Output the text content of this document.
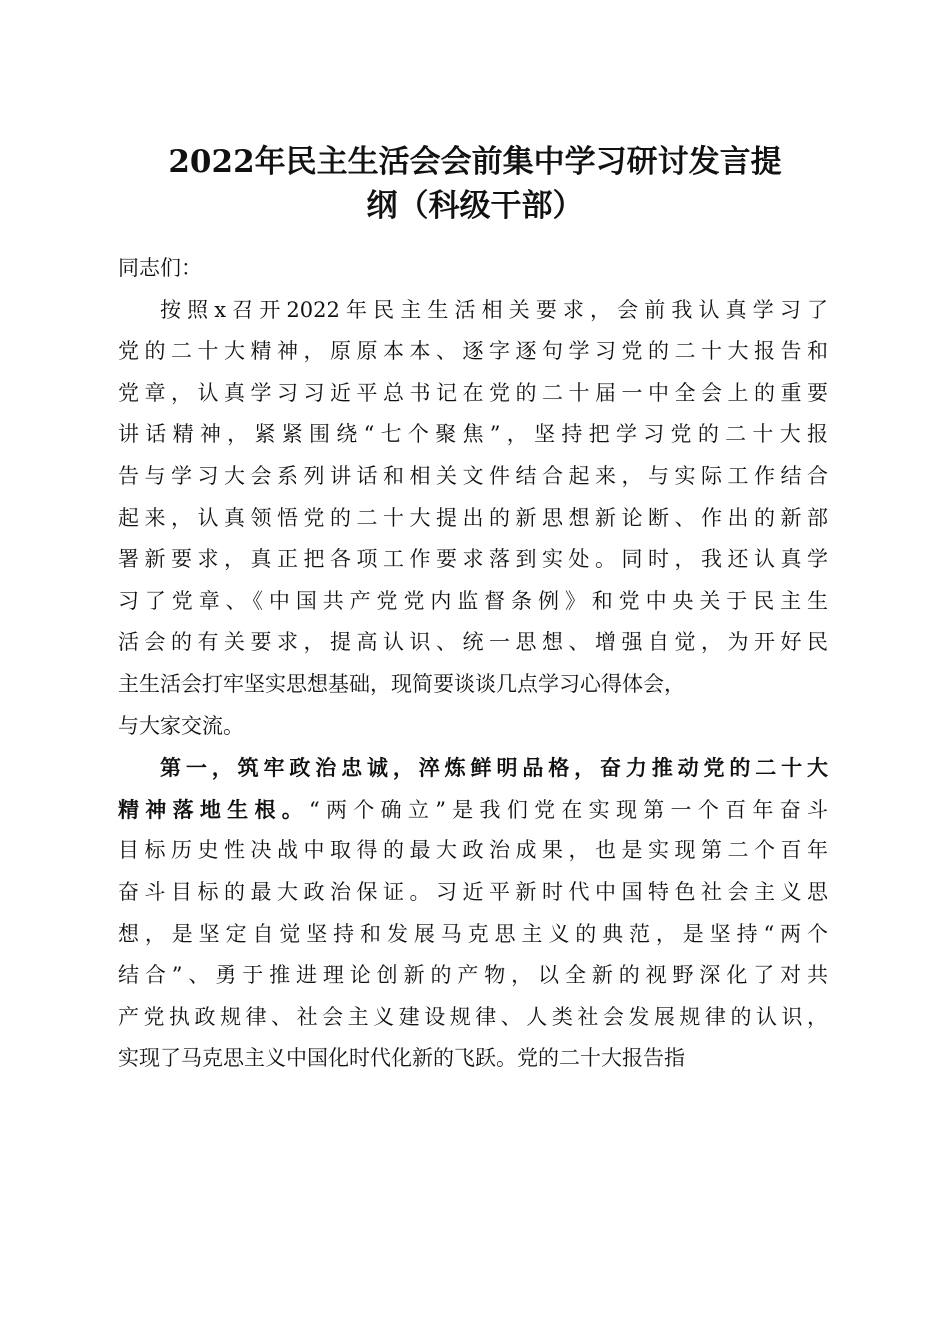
2022年民主生活会会前集中学习研讨发言提
纲（科级干部）
同志们：
按照x召开2022年民主生活相关要求，会前我认真学习了
党的二十大精神，原原本本、逐字逐句学习党的二十大报告和
党章，认真学习习近平总书记在党的二十届一中全会上的重要
讲话精神，紧紧围绕“七个聚焦”，坚持把学习党的二十大报
告与学习大会系列讲话和相关文件结合起来，与实际工作结合
起来，认真领悟党的二十大提出的新思想新论断、作出的新部
署新要求，真正把各项工作要求落到实处。同时，我还认真学
习了党章、《中国共产党党内监督条例》和党中央关于民主生
活会的有关要求，提高认识、统一思想、增强自觉，为开好民
主生活会打牢坚实思想基础，现简要谈谈几点学习心得体会，
与大家交流。
第一，筑牢政治忠诚，淬炼鲜明品格，奋力推动党的二十大
精神落地生根。“两个确立”是我们党在实现第一个百年奋斗
目标历史性决战中取得的最大政治成果，也是实现第二个百年
奋斗目标的最大政治保证。习近平新时代中国特色社会主义思
想，是坚定自觉坚持和发展马克思主义的典范，是坚持“两个
结合”、勇于推进理论创新的产物，以全新的视野深化了对共
产党执政规律、社会主义建设规律、人类社会发展规律的认识，
实现了马克思主义中国化时代化新的飞跃。党的二十大报告指
